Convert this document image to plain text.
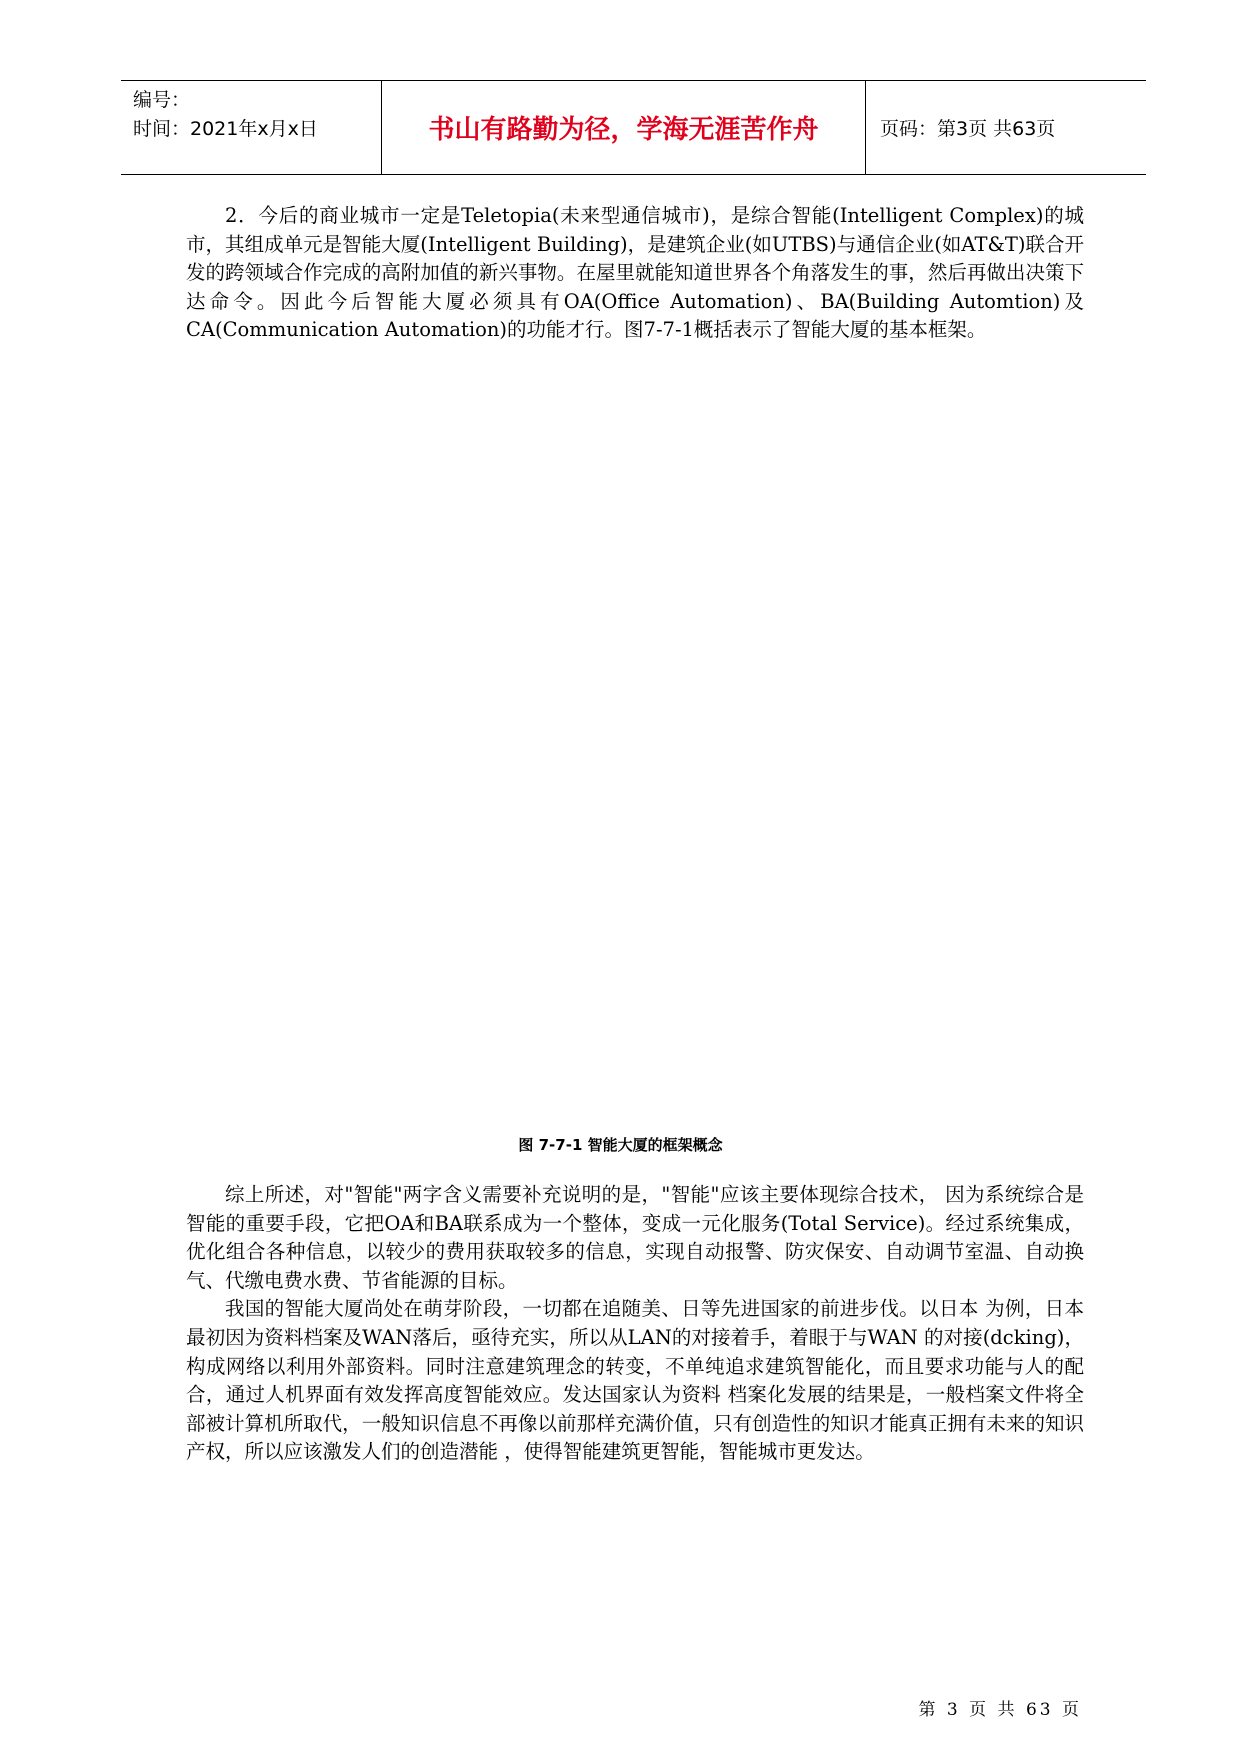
编号：
时间：2021年x月x日	书山有路勤为径，学海无涯苦作舟	页码：第3页 共63页

2．今后的商业城市一定是Teletopia(未来型通信城市)，是综合智能(Intelligent Complex)的城市，其组成单元是智能大厦(Intelligent Building)，是建筑企业(如UTBS)与通信企业(如AT&T)联合开发的跨领域合作完成的高附加值的新兴事物。在屋里就能知道世界各个角落发生的事，然后再做出决策下达命令。因此今后智能大厦必须具有OA(Office Automation)、BA(Building Automtion)及CA(Communication Automation)的功能才行。图7-7-1概括表示了智能大厦的基本框架。

图 7-7-1 智能大厦的框架概念

综上所述，对"智能"两字含义需要补充说明的是，"智能"应该主要体现综合技术， 因为系统综合是智能的重要手段，它把OA和BA联系成为一个整体，变成一元化服务(Total Service)。经过系统集成，优化组合各种信息，以较少的费用获取较多的信息，实现自动报警、防灾保安、自动调节室温、自动换气、代缴电费水费、节省能源的目标。

我国的智能大厦尚处在萌芽阶段，一切都在追随美、日等先进国家的前进步伐。以日本 为例，日本最初因为资料档案及WAN落后，亟待充实，所以从LAN的对接着手，着眼于与WAN 的对接(dcking)，构成网络以利用外部资料。同时注意建筑理念的转变，不单纯追求建筑智能化，而且要求功能与人的配合，通过人机界面有效发挥高度智能效应。发达国家认为资料 档案化发展的结果是，一般档案文件将全部被计算机所取代，一般知识信息不再像以前那样充满价值，只有创造性的知识才能真正拥有未来的知识产权，所以应该激发人们的创造潜能 ，使得智能建筑更智能，智能城市更发达。

第 3 页 共 63 页
